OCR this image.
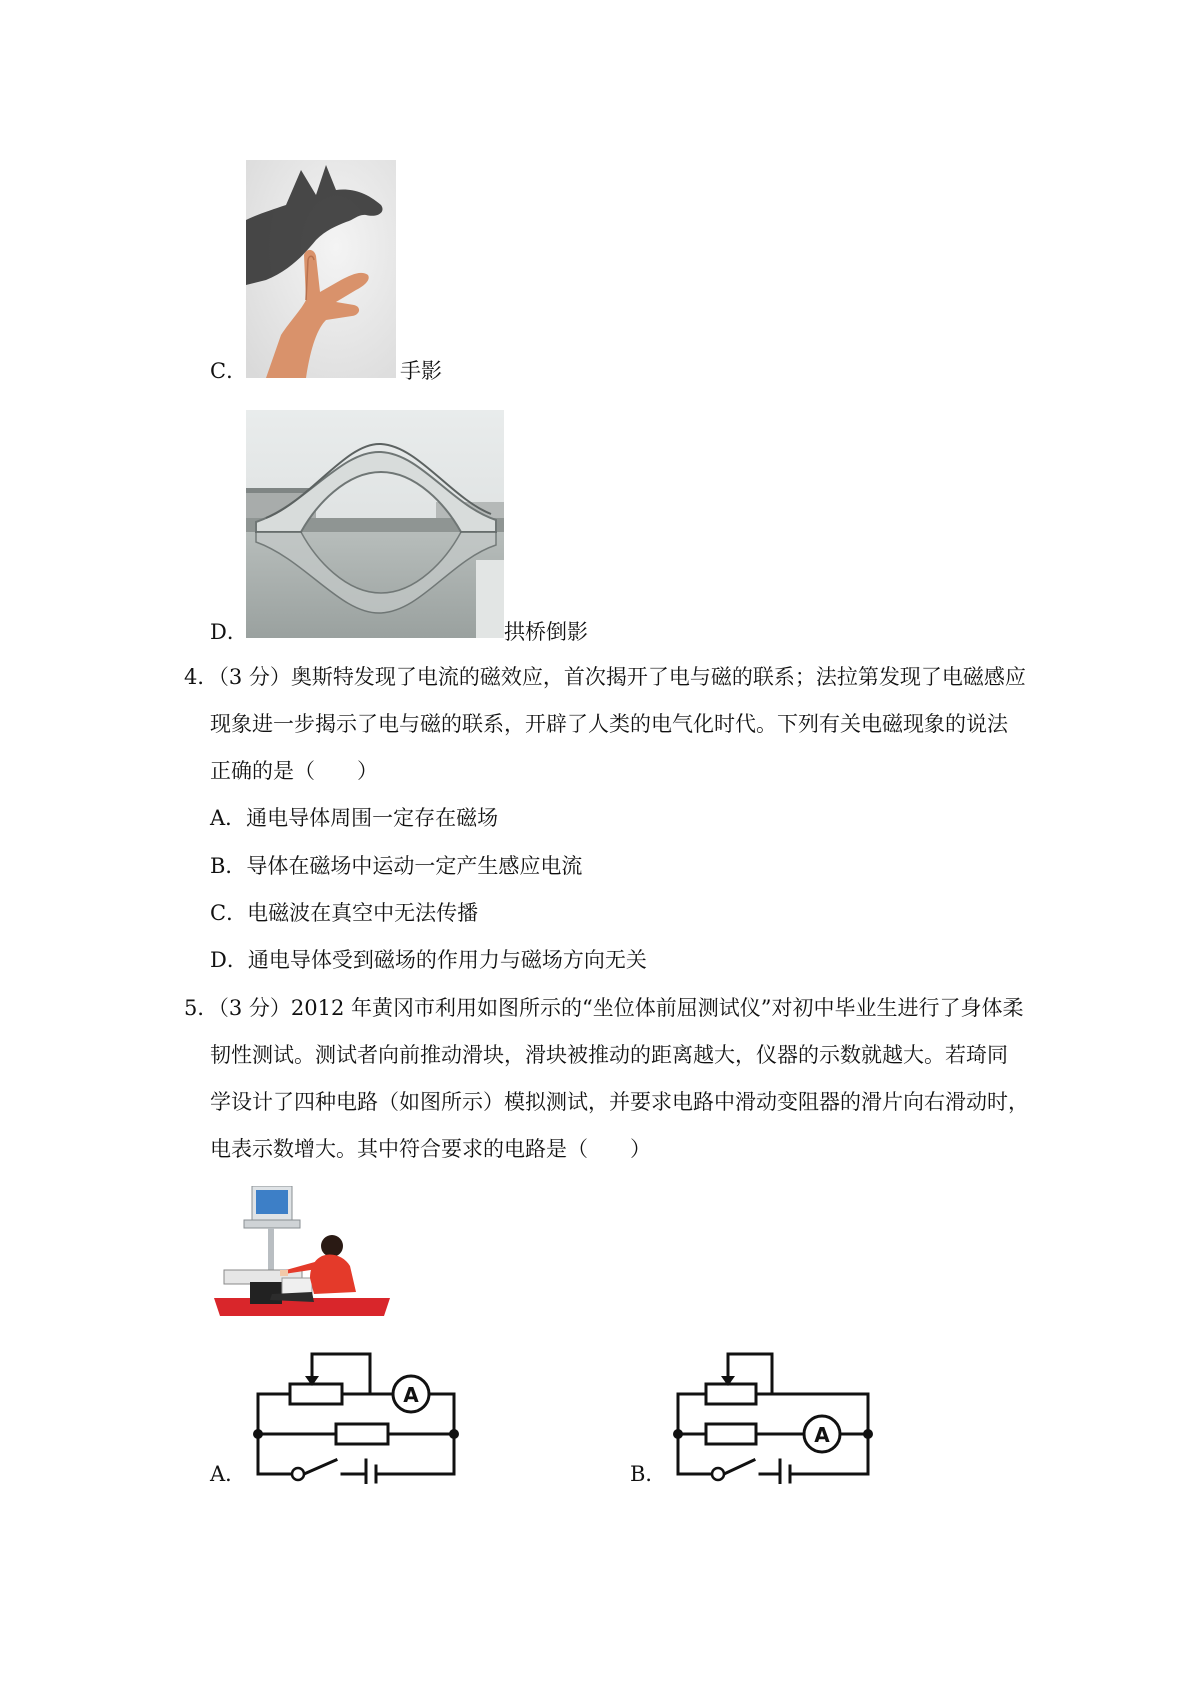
C．	手影
D．	拱桥倒影
4．（3 分）奥斯特发现了电流的磁效应，首次揭开了电与磁的联系；法拉第发现了电磁感应
现象进一步揭示了电与磁的联系，开辟了人类的电气化时代。下列有关电磁现象的说法
正确的是（　　）
A．通电导体周围一定存在磁场
B．导体在磁场中运动一定产生感应电流
C．电磁波在真空中无法传播
D．通电导体受到磁场的作用力与磁场方向无关
5．（3 分）2012 年黄冈市利用如图所示的“坐位体前屈测试仪”对初中毕业生进行了身体柔
韧性测试。测试者向前推动滑块，滑块被推动的距离越大，仪器的示数就越大。若琦同
学设计了四种电路（如图所示）模拟测试，并要求电路中滑动变阻器的滑片向右滑动时，
电表示数增大。其中符合要求的电路是（　　）
A
A．
A
B．
